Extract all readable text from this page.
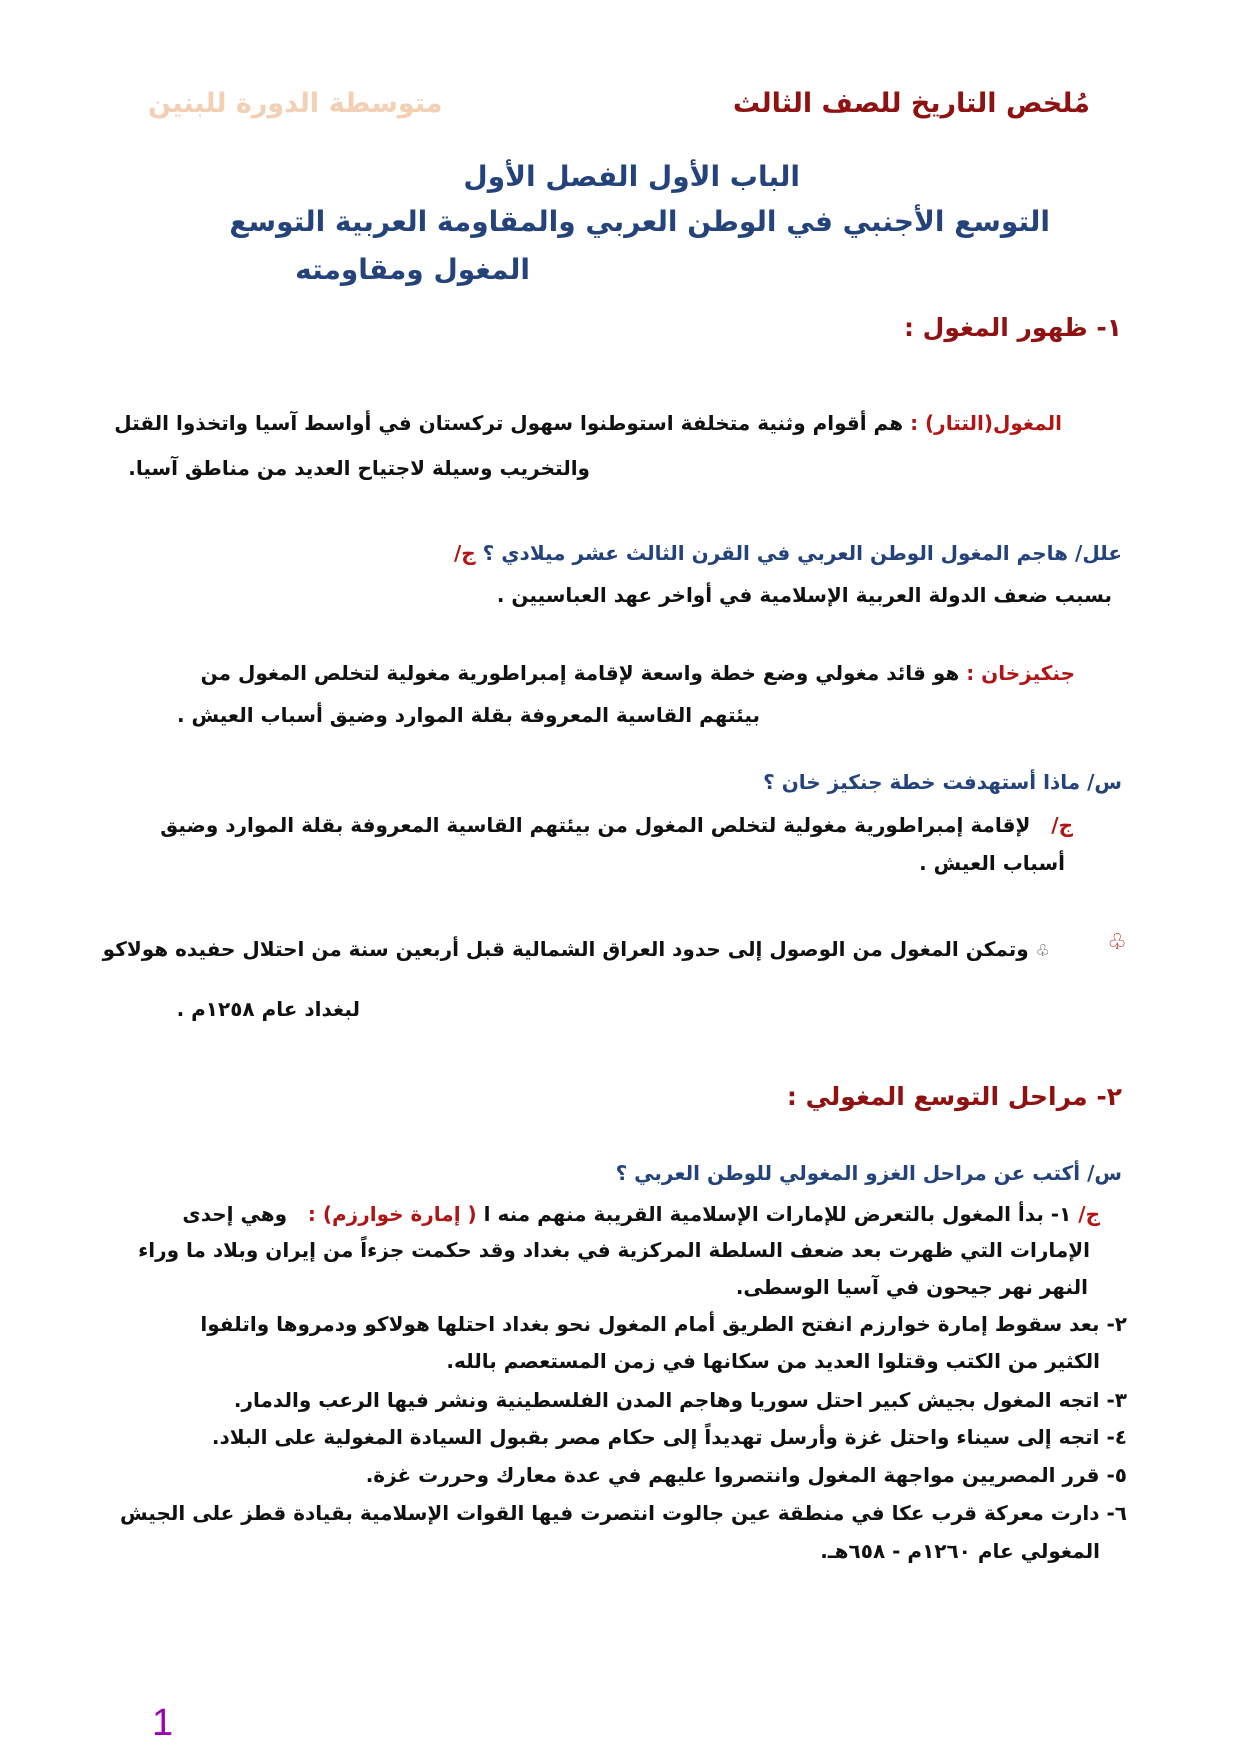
مُلخص التاريخ للصف الثالث
متوسطة الدورة للبنين
الباب الأول الفصل الأول
التوسع الأجنبي في الوطن العربي والمقاومة العربية التوسع
المغول ومقاومته
١- ظهور المغول :
المغول(التتار) : هم أقوام وثنية متخلفة استوطنوا سهول تركستان في أواسط آسيا واتخذوا القتل
والتخريب وسيلة لاجتياح العديد من مناطق آسيا.
علل/ هاجم المغول الوطن العربي في القرن الثالث عشر ميلادي ؟ ج/
بسبب ضعف الدولة العربية الإسلامية في أواخر عهد العباسيين .
جنكيزخان : هو قائد مغولي وضع خطة واسعة لإقامة إمبراطورية مغولية لتخلص المغول من
بيئتهم القاسية المعروفة بقلة الموارد وضيق أسباب العيش .
س/ ماذا أستهدفت خطة جنكيز خان ؟
ج/   لإقامة إمبراطورية مغولية لتخلص المغول من بيئتهم القاسية المعروفة بقلة الموارد وضيق
أسباب العيش .
♧
♧ وتمكن المغول من الوصول إلى حدود العراق الشمالية قبل أربعين سنة من احتلال حفيده هولاكو
لبغداد عام ١٢٥٨م .
٢- مراحل التوسع المغولي :
س/ أكتب عن مراحل الغزو المغولي للوطن العربي ؟
ج/ ١- بدأ المغول بالتعرض للإمارات الإسلامية القريبة منهم منه ا ( إمارة خوارزم) :   وهي إحدى
الإمارات التي ظهرت بعد ضعف السلطة المركزية في بغداد وقد حكمت جزءاً من إيران وبلاد ما وراء
النهر نهر جيحون في آسيا الوسطى.
٢- بعد سقوط إمارة خوارزم انفتح الطريق أمام المغول نحو بغداد احتلها هولاكو ودمروها واتلفوا
الكثير من الكتب وقتلوا العديد من سكانها في زمن المستعصم بالله.
٣- اتجه المغول بجيش كبير احتل سوريا وهاجم المدن الفلسطينية ونشر فيها الرعب والدمار.
٤- اتجه إلى سيناء واحتل غزة وأرسل تهديداً إلى حكام مصر بقبول السيادة المغولية على البلاد.
٥- قرر المصريين مواجهة المغول وانتصروا عليهم في عدة معارك وحررت غزة.
٦- دارت معركة قرب عكا في منطقة عين جالوت انتصرت فيها القوات الإسلامية بقيادة قطز على الجيش
المغولي عام ١٢٦٠م - ٦٥٨هـ.
1
